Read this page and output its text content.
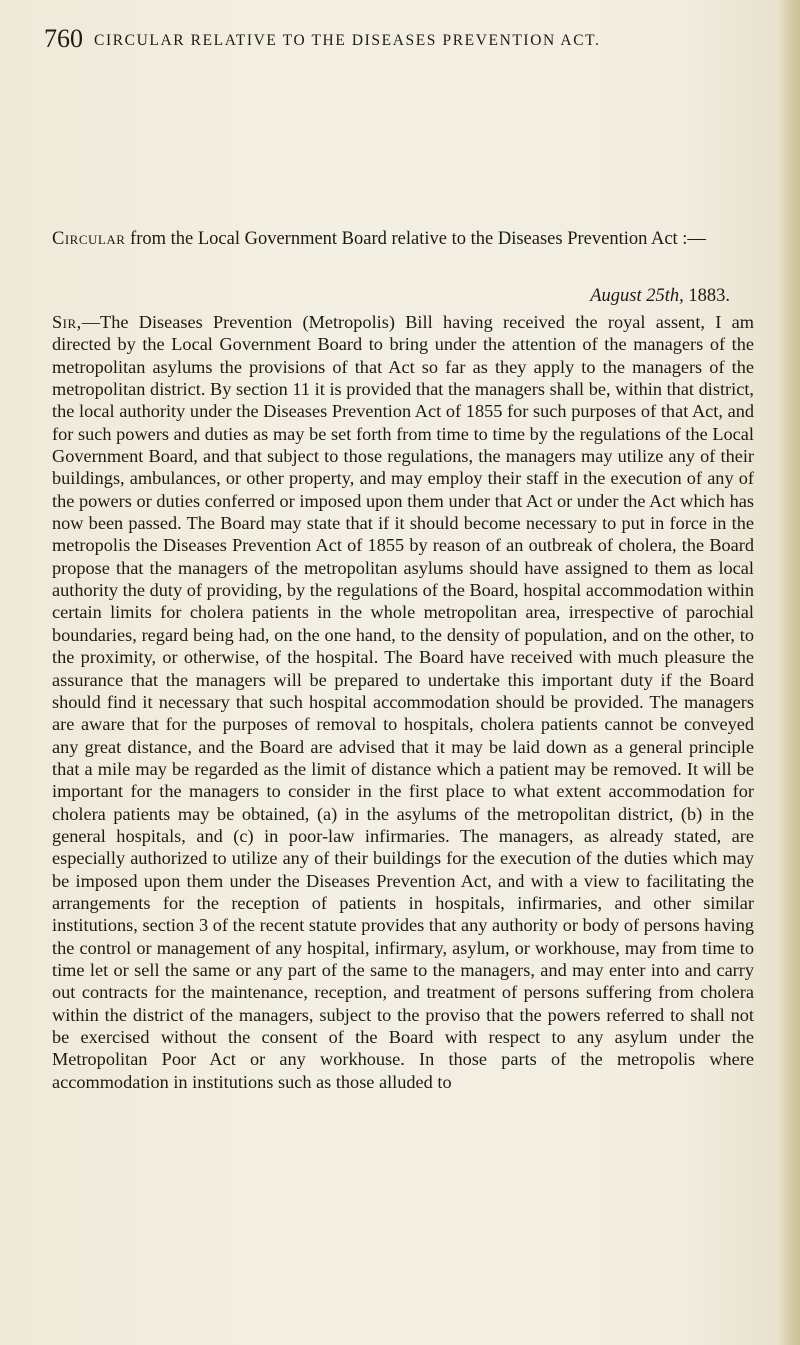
760 CIRCULAR RELATIVE TO THE DISEASES PREVENTION ACT.
Circular from the Local Government Board relative to the Diseases Prevention Act :—
August 25th, 1883.
Sir,—The Diseases Prevention (Metropolis) Bill having received the royal assent, I am directed by the Local Government Board to bring under the attention of the managers of the metropolitan asylums the provisions of that Act so far as they apply to the managers of the metropolitan district. By section 11 it is provided that the managers shall be, within that district, the local authority under the Diseases Prevention Act of 1855 for such purposes of that Act, and for such powers and duties as may be set forth from time to time by the regulations of the Local Government Board, and that subject to those regulations, the managers may utilize any of their buildings, ambulances, or other property, and may employ their staff in the execution of any of the powers or duties conferred or imposed upon them under that Act or under the Act which has now been passed. The Board may state that if it should become necessary to put in force in the metropolis the Diseases Prevention Act of 1855 by reason of an outbreak of cholera, the Board propose that the managers of the metropolitan asylums should have assigned to them as local authority the duty of providing, by the regulations of the Board, hospital accommodation within certain limits for cholera patients in the whole metropolitan area, irrespective of parochial boundaries, regard being had, on the one hand, to the density of population, and on the other, to the proximity, or otherwise, of the hospital. The Board have received with much pleasure the assurance that the managers will be prepared to undertake this important duty if the Board should find it necessary that such hospital accommodation should be provided. The managers are aware that for the purposes of removal to hospitals, cholera patients cannot be conveyed any great distance, and the Board are advised that it may be laid down as a general principle that a mile may be regarded as the limit of distance which a patient may be removed. It will be important for the managers to consider in the first place to what extent accommodation for cholera patients may be obtained, (a) in the asylums of the metropolitan district, (b) in the general hospitals, and (c) in poor-law infirmaries. The managers, as already stated, are especially authorized to utilize any of their buildings for the execution of the duties which may be imposed upon them under the Diseases Prevention Act, and with a view to facilitating the arrangements for the reception of patients in hospitals, infirmaries, and other similar institutions, section 3 of the recent statute provides that any authority or body of persons having the control or management of any hospital, infirmary, asylum, or workhouse, may from time to time let or sell the same or any part of the same to the managers, and may enter into and carry out contracts for the maintenance, reception, and treatment of persons suffering from cholera within the district of the managers, subject to the proviso that the powers referred to shall not be exercised without the consent of the Board with respect to any asylum under the Metropolitan Poor Act or any workhouse. In those parts of the metropolis where accommodation in institutions such as those alluded to
